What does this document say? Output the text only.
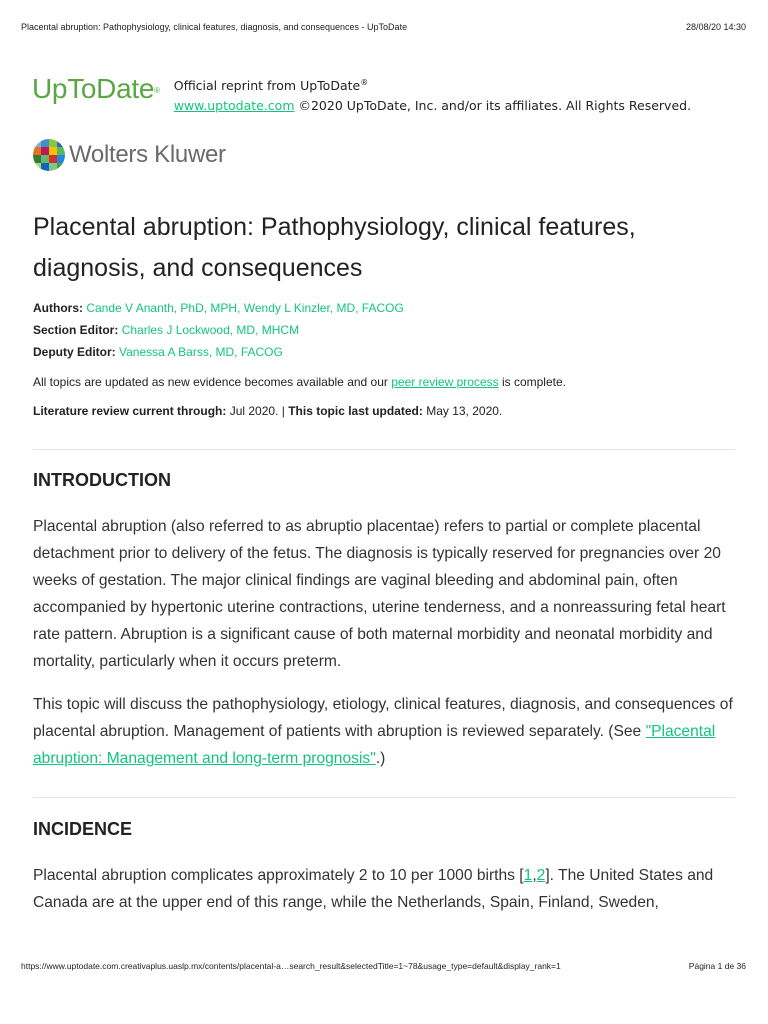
Placental abruption: Pathophysiology, clinical features, diagnosis, and consequences - UpToDate	28/08/20 14:30
UpToDate® Official reprint from UpToDate®
www.uptodate.com ©2020 UpToDate, Inc. and/or its affiliates. All Rights Reserved.
Wolters Kluwer
Placental abruption: Pathophysiology, clinical features, diagnosis, and consequences
Authors: Cande V Ananth, PhD, MPH, Wendy L Kinzler, MD, FACOG
Section Editor: Charles J Lockwood, MD, MHCM
Deputy Editor: Vanessa A Barss, MD, FACOG
All topics are updated as new evidence becomes available and our peer review process is complete.
Literature review current through: Jul 2020. | This topic last updated: May 13, 2020.
INTRODUCTION

Placental abruption (also referred to as abruptio placentae) refers to partial or complete placental detachment prior to delivery of the fetus. The diagnosis is typically reserved for pregnancies over 20 weeks of gestation. The major clinical findings are vaginal bleeding and abdominal pain, often accompanied by hypertonic uterine contractions, uterine tenderness, and a nonreassuring fetal heart rate pattern. Abruption is a significant cause of both maternal morbidity and neonatal morbidity and mortality, particularly when it occurs preterm.

This topic will discuss the pathophysiology, etiology, clinical features, diagnosis, and consequences of placental abruption. Management of patients with abruption is reviewed separately. (See "Placental abruption: Management and long-term prognosis".)

INCIDENCE

Placental abruption complicates approximately 2 to 10 per 1000 births [1,2]. The United States and Canada are at the upper end of this range, while the Netherlands, Spain, Finland, Sweden,

https://www.uptodate.com.creativaplus.uaslp.mx/contents/placental-a…search_result&selectedTitle=1~78&usage_type=default&display_rank=1	Página 1 de 36
